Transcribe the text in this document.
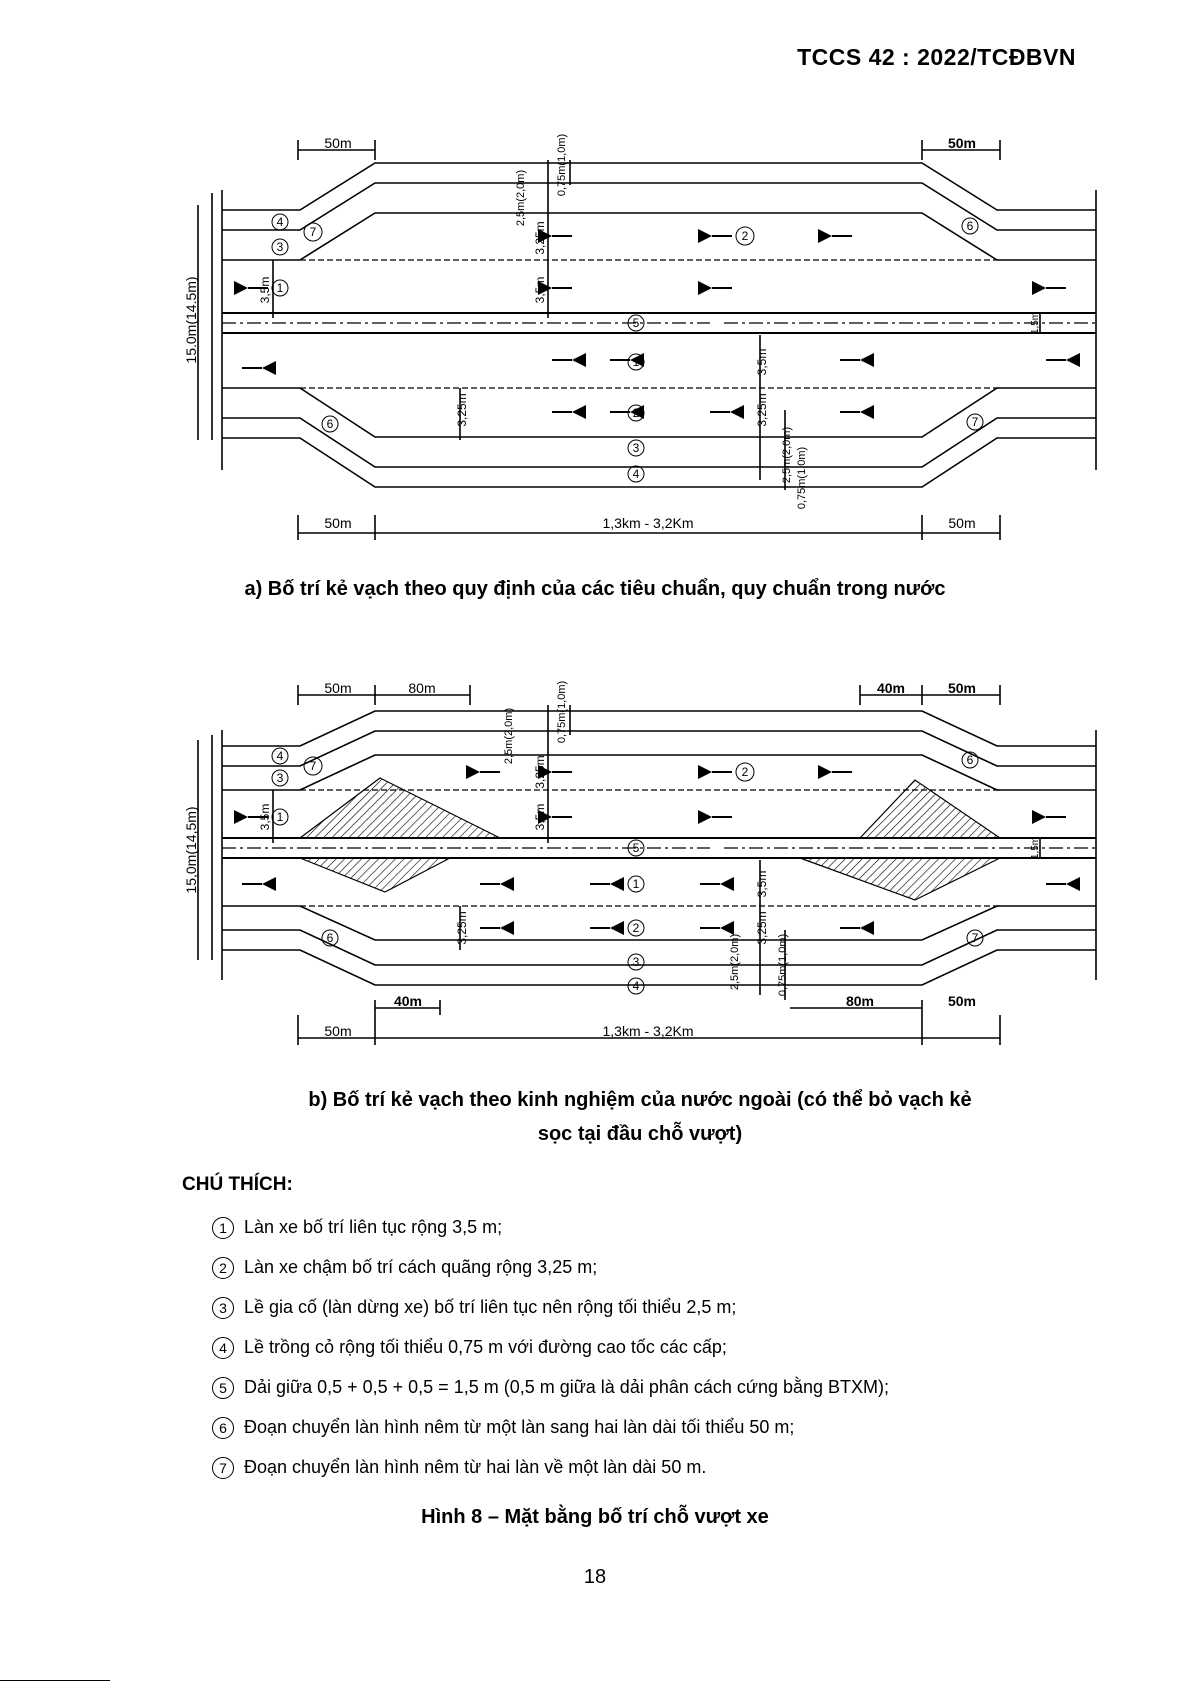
TCCS 42 : 2022/TCĐBVN
4
3
7
1
2
6
5
1
2
3
4
6	7
50m	50m
50m	1,3km - 3,2Km	50m
15.0m(14.5m)	3,5m	3,5m
3,25m
2,5m(2,0m)
0,75m(1,0m)
3,25m
3,5m
3,25m
2,5m(2,0m) 0,75m(1,0m)
1,5m
a) Bố trí kẻ vạch theo quy định của các tiêu chuẩn, quy chuẩn trong nước
4
3
7
1
2
6
5
1
2
3
4
6	7
50m	80m	40m	50m
50m
40m
1,3km - 3,2Km
80m	50m
15,0m(14,5m)	3,5m	3,5m
3,25m
2,5m(2,0m)	0,75m(1,0m)
3,25m
3,5m
3,25m
2,5m(2,0m)	0,75m(1,0m)
1,5m
b) Bố trí kẻ vạch theo kinh nghiệm của nước ngoài (có thể bỏ vạch kẻ
sọc tại đầu chỗ vượt)
CHÚ THÍCH:
1 Làn xe bố trí liên tục rộng 3,5 m;
2 Làn xe chậm bố trí cách quãng rộng 3,25 m;
3 Lề gia cố (làn dừng xe) bố trí liên tục nên rộng tối thiểu 2,5 m;
4 Lề trồng cỏ rộng tối thiểu 0,75 m với đường cao tốc các cấp;
5 Dải giữa 0,5 + 0,5 + 0,5 = 1,5 m (0,5 m giữa là dải phân cách cứng bằng BTXM);
6 Đoạn chuyển làn hình nêm từ một làn sang hai làn dài tối thiểu 50 m;
7 Đoạn chuyển làn hình nêm từ hai làn về một làn dài 50 m.
Hình 8 – Mặt bằng bố trí chỗ vượt xe
18
